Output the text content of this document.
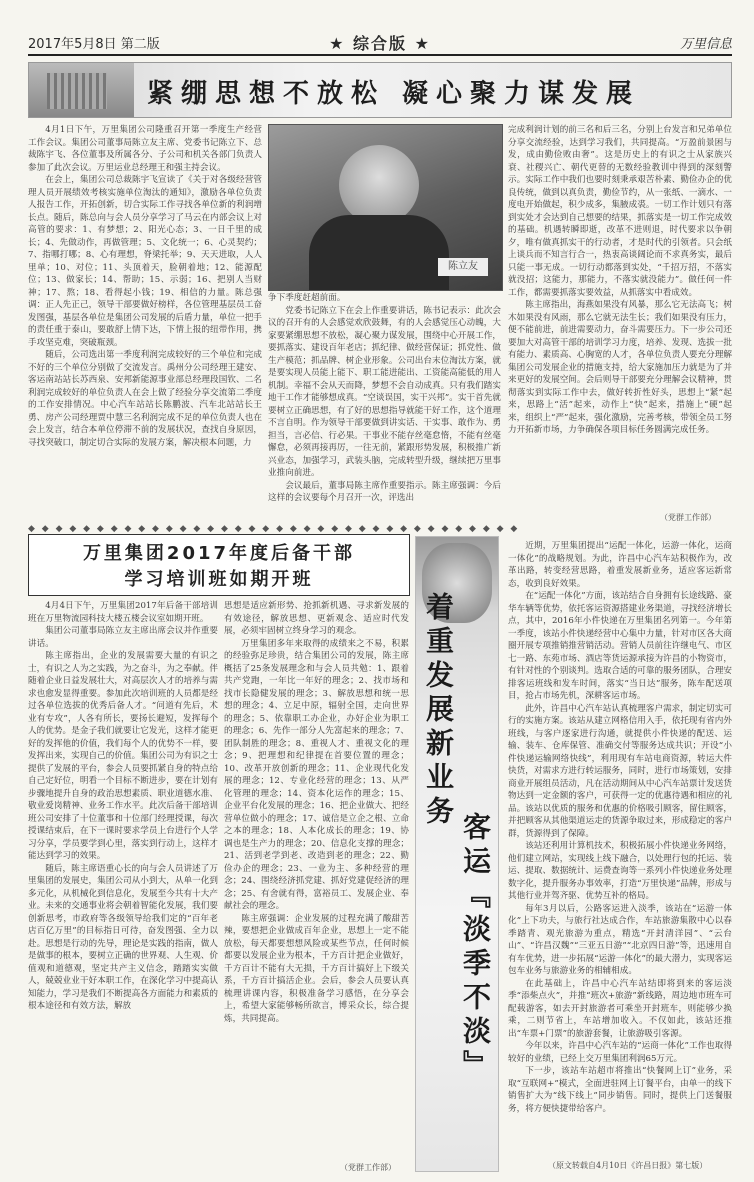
2017年5月8日 第二版	★ 综合版 ★	万里信息
紧绷思想不放松 凝心聚力谋发展

4月1日下午，万里集团公司隆重召开第一季度生产经营工作会议。集团公司董事局陈立友主席、党委书记陈立下、总裁陈宇飞、各位董事及所属各分、子公司和机关各部门负责人参加了此次会议。万里运业总经理王和强主持会议。

在会上，集团公司总裁陈宇飞宣读了《关于对各级经营管理人员开展绩效考核实施单位淘汰的通知》，激励各单位负责人报告工作，开拓创新，切合实际工作寻找各单位新的利润增长点。随后，陈总向与会人员分享学习了马云在内部会议上对高管的要求：1、有梦想；2、阳光心态；3、一日千里的成长；4、先做动作，再做管理；5、文化统一；6、心灵契约；7、指哪打哪；8、心有理想，脊梁托举；9、天天进取，人人里单；10、对位；11、头顶着天，脸朝着地；12、能源配位；13、做家长；14、帮助；15、示弱；16、把别人当财神；17、熬；18、看得起小钱；19、相信的力量。陈总强调：正人先正己，领导干部要做好榜样，各位管理基层员工奋发图强，基层各单位是集团公司发展的后盾力量，单位一把手的责任重于泰山，要敢舒上情下达，下情上报的纽带作用，携手攻坚克难，突破瓶颈。

随后，公司选出第一季度利润完成较好的三个单位和完成不好的三个单位分别做了交流发言。禹州分公司经理王建安、客运南站站长苏西泉、安邦新能源事业部总经理段国钦、二名利润完成较好的单位负责人在会上做了经验分享交流第二季度的工作安排情况。中心汽车站站长陈鹏波、汽车北站站长王勇、房产公司经理贾中慧三名利润完成不足的单位负责人也在会上发言，结合本单位停滞不前的发展状况，查找自身原因，寻找突破口，制定切合实际的发展方案，解决根本问题，力

陈立友

争下季度赶超前面。

党委书记陈立下在会上作重要讲话，陈书记表示：此次会议的召开有的人会感觉欢欣鼓舞，有的人会感觉压心动魄，大家要紧绷思想不放松，凝心聚力谋发展，围绕中心开展工作，要抓落实、建设百年老店；抓纪律、做经营保证；抓党性、做生产模范；抓品牌、树企业形象。公司出台末位淘汰方案，就是要实现人员能上能下、职工能进能出、工资能高能低的用人机制。幸福不会从天而降，梦想不会自动成真。只有我们踏实地干工作才能够想成真。“空谈误国，实干兴邦”。实干首先就要树立正确思想，有了好的思想指导就能干好工作，这个道理不言自明。作为领导干部要做到讲实话、干实事、敢作为、勇担当，言必信、行必果。干事业不能存丝毫怠惰，不能有丝毫懈怠，必须再接再厉，一往无前，紧跟形势发展，积极推广新兴业态，加强学习，武装头脑，完成转型升级，继续把万里事业推向前进。

会议最后，董事局陈主席作重要指示。陈主席强调：今后这样的会议要每个月召开一次，评选出

完成利润计划的前三名和后三名，分别上台发言和兄弟单位分享交流经验，达到学习我们，共同提高。“万盈前景困与发，成由勤俭败由奢”。这是历史上的有识之士从家族兴衰、社稷兴亡、朝代更替的无数经验教训中得到的深刻警示。实际工作中我们也要时刻秉承艰苦朴素、勤俭办企的优良传统，做到以真负责，勤俭节约，从一张纸、一滴水、一度电开始做起，积少成多，集腋成裘。一切工作计划只有落到实处才会达到自己想要的结果，抓落实是一切工作完成效的基础。机遇转瞬即逝，改革不进则退，时代要求以争朝夕，唯有做真抓实干的行动者，才是时代的引领者。只会纸上谈兵而不知言行合一，热衷高谈阔论而不求真务实，最后只能一事无成。一切行动都落到实处，“千招万招，不落实就没招；这能力，那能力，不落实就没能力”。做任何一件工作，都需要抓落实要效益，从抓落实中看成效。

陈主席指出，海燕如果没有风暴，那么它无法高飞；树木如果没有风雨，那么它就无法生长；我们如果没有压力，便不能前进，前进需要动力，奋斗需要压力。下一步公司还要加大对高管干部的培训学习力度，培养、发现、选拔一批有能力、素质高、心胸宽的人才，各单位负责人要充分理解集团公司发展企业的措施支持，给大家施加压力就是为了并来更好的发展空间。会后则导干部要充分理解会议精神，贯彻落实到实际工作中去，做好转折性好头，思想上“紧”起来，思路上“活”起来，动作上“快”起来，措施上“硬”起来，组织上“严”起来，强化激励，完善考核，带领全员工努力开拓新市场，力争确保各项目标任务圆满完成任务。

（党群工作部）
◆ ◆ ◆ ◆ ◆ ◆ ◆ ◆ ◆ ◆ ◆ ◆ ◆ ◆ ◆ ◆ ◆ ◆ ◆ ◆ ◆ ◆ ◆ ◆ ◆ ◆ ◆ ◆ ◆ ◆ ◆ ◆ ◆ ◆ ◆ ◆
万里集团2017年度后备干部
学习培训班如期开班

4月4日下午，万里集团2017年后备干部培训班在万里物流园科技大楼五楼会议室如期开班。

集团公司董事局陈立友主席出席会议并作重要讲话。

陈主席指出，企业的发展需要大量的有识之士，有识之人为之实践，为之奋斗，为之奉献。伴随着企业日益发展壮大，对高层次人才的培养与需求也愈发显得重要。参加此次培训班的人员都是经过各单位选拔的优秀后备人才。“问道有先后，术业有专攻”，人各有所长，要扬长避短，发挥每个人的优势。是金子我们就要让它发光，这样才能更好的发挥他的价值，我们每个人的优势不一样，要发挥出来，实现自己的价值。集团公司为有识之士提供了发展的平台，参会人员要抓紧自身的特点给自己定好位，明看一个目标不断进步，要在计划有步骤地提升自身的政治思想素质、职业道德水准、敬业爱岗精神、业务工作水平。此次后备干部培训班公司安排了十位董事和十位部门经理授课，每次授课结束后，在下一课时要求学员上台进行个人学习分享，学员要学到心里，落实到行动上，这样才能达到学习的效果。

随后，陈主席语重心长的向与会人员讲述了万里集团的发展史，集团公司从小到大，从单一化到多元化，从机械化到信息化，发展至今共有十大产业。未来的交通事业将会朝着智能化发展，我们要创新思考，市政府等各级领导给我们定的“百年老店百亿万里”的目标指日可待，奋发图强、全力以赴。思想是行动的先导，理论是实践的指南，做人是做事的根本，要树立正确的世界观、人生观、价值观和道德观，坚定共产主义信念，踏踏实实做人，兢兢业业干好本职工作，在深化学习中提高认知能力，学习是我们不断提高各方面能力和素质的根本途径和有效方法，解放

思想是适应新形势、抢抓新机遇、寻求新发展的有效途径，解放思想、更新观念、适应时代发展，必须牢固树立终身学习的观念。

万里集团多年来取得的成绩来之不易，积累的经验弥足珍贵，结合集团公司的发展，陈主席概括了25条发展理念和与会人员共勉：1、跟着共产党跑，一年比一年好的理念；2、找市场和找市长隐健发展的理念；3、解放思想和统一思想的理念；4、立足中原，辐射全国，走向世界的理念；5、依靠职工办企业，办好企业为职工的理念；6、先作一部分人先富起来的理念；7、团队制胜的理念；8、重视人才、重视文化的理念；9、把理想和纪律提在首要位置的理念；10、改革开放创新的理念；11、企业现代化发展的理念；12、专业化经营的理念；13、从严化管理的理念；14、资本化运作的理念；15、企业平台化发展的理念；16、把企业做大、把经营单位做小的理念；17、诚信是立企之根、立命之本的理念；18、人本化成长的理念；19、协调也是生产力的理念；20、信息化支撑的理念；21、活到老学到老、改造到老的理念；22、勤俭办企的理念；23、一业为主、多种经营的理念；24、围绕经济抓党建、抓好党建促经济的理念；25、有舍就有得，富裕员工、发展企业、奉献社会的理念。

陈主席强调：企业发展的过程充满了酸甜苦辣，要想把企业做成百年企业，思想上一定不能放松，每天都要想想风险或某些节点，任何时候都要以发展企业为根本，千方百计把企业做好，千方百计不能有大无损，千方百计搞好上下级关系，千方百计搞活企业。会后，参会人员要认真梳理讲课内容，积极准备学习感悟，在分享会上，希望大家能够畅所欲言，博采众长，综合提炼，共同提高。

（党群工作部）
着重发展新业务
客运『淡季不淡』

近期，万里集团提出“运配一体化，运游一体化，运商一体化”的战略规划。为此，许昌中心汽车站积极作为，改革出路，转变经营思路，着重发展新业务，适应客运新常态，收到良好效果。

在“运配一体化”方面，该站结合自身拥有长途线路、豪华车辆等优势，依托客运资源搭建业务渠道，寻找经济增长点，其中，2016年小件快递在万里集团名列第一。今年第一季度，该站小件快递经营中心集中力量，针对市区各大商圈开展专项推销推营销活动。营销人员前往许继电气、市区七一路、东苑市场、酒店等货运源承接为许昌的小物资市，有针对性的个别谈判。选取合适的可靠的服务团队，合理安排客运班线和发车时间，落实“当日达”服务，陈车配送项目，抢占市场先机，深耕客运市场。

此外，许昌中心汽车站认真梳理客户需求，制定切实可行的实施方案。该站从建立网格信用入手，依托现有省内外班线，与客户逐家进行沟通，就提供小件快递的配送、运输、装车、仓库保管、准确交付等服务达成共识；开设“小件快递运输网络快线”，利用现有车站电商资源，转运大件快货，对需求方进行转运服务，同时，进行市场策划，安排商业开展组员活动，凡在活动期间从中心汽车站票计发送货物达到一定金额的客户，可获得一定的优惠待遇和相应的礼品。该站以优质的服务和优惠的价格吸引顾客，留住顾客，并把顾客从其他渠道运走的货源争取过来，形成稳定的客户群，货源得到了保障。

该站还利用计算机技术，积极拓展小件快递业务网络，他们建立网站，实现线上线下融合，以处理行包的托运、装运、提取、数据统计、运费查询等一系列小件快递业务处理数字化，提升服务办事效率，打造“万里快递”品牌，形成与其他行业并驾齐驱、优势互补的格局。

每年3月以后，公路客运进入淡季，该站在“运游一体化”上下功夫，与旅行社达成合作，车站旅游集散中心以春季踏青、观光旅游为重点，精选“开封清洋园”、“云台山”、“许昌汉魏”“三亚五日游”“北京四日游”等，迅速用自有车优势，进一步拓展“运游一体化”的最大潜力，实现客运包车业务与旅游业务的相辅相成。

在此基础上，许昌中心汽车站结即将到来的客运淡季“添柴点火”，并推“班次+旅游”新线路，周边地市班车可配载游客，如去开封旅游者可乘坐开封班车，则能够少换乘，二则节省上，车站增加收入。不仅如此，该站还推出“车票+门票”的旅游套餐，让旅游吸引客源。

今年以来，许昌中心汽车站的“运商一体化”工作也取得较好的业绩，已经上交万里集团利润65万元。

下一步，该站车站超市将推出“快餐网上订”业务，采取“互联网+”模式，全面进驻网上订餐平台，由单一的线下销售扩大为“线下线上”同步销售。同时，提供上门送餐服务，将方便快捷带给客户。

（原文转载自4月10日《许昌日报》第七版）
